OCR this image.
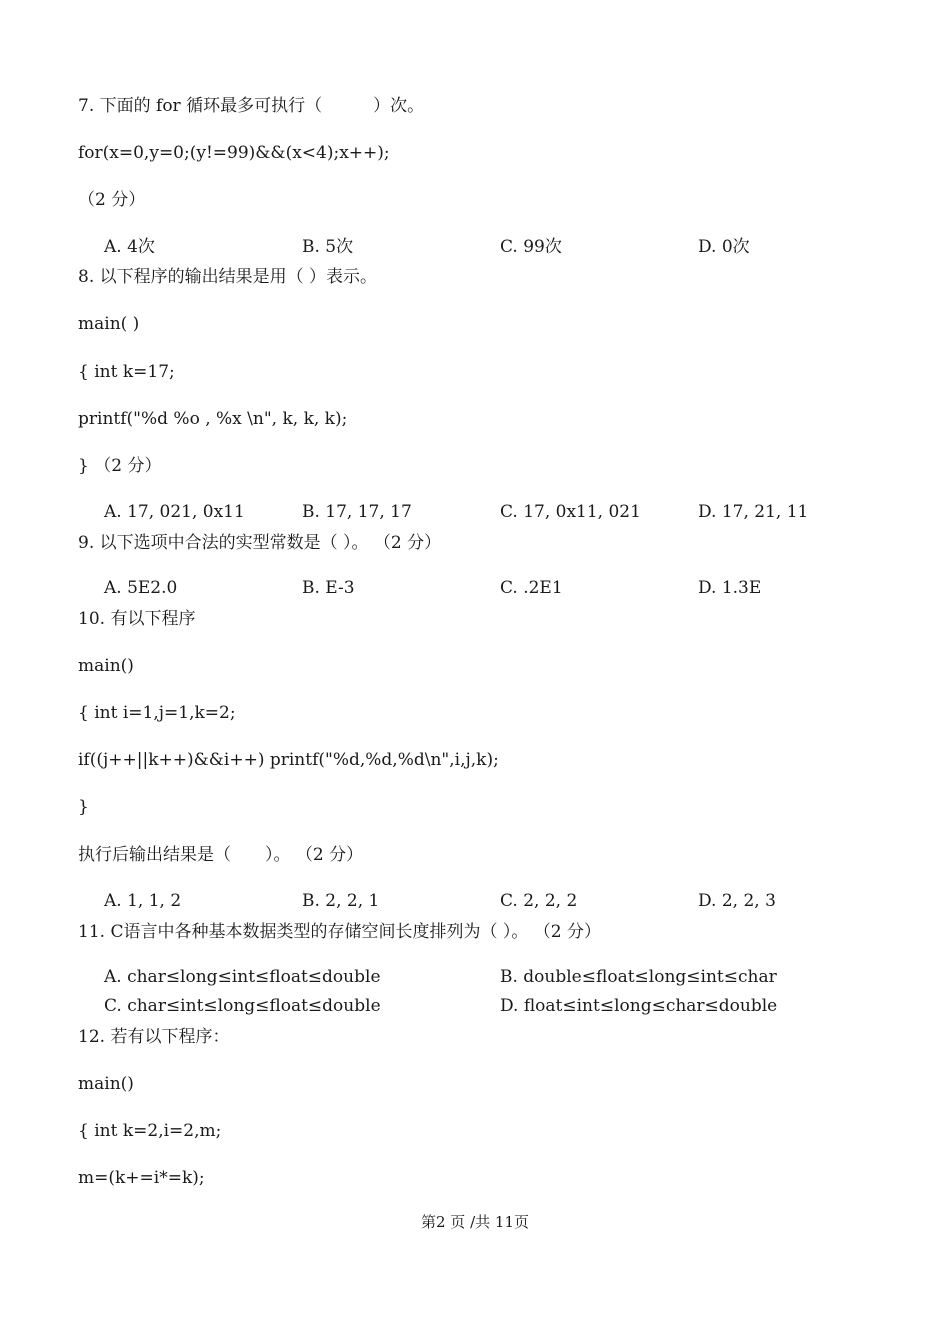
7. 下面的 for 循环最多可执行（　　　）次。
for(x=0,y=0;(y!=99)&&(x<4);x++);
（2 分）
A. 4次	B. 5次	C. 99次	D. 0次
8. 以下程序的输出结果是用（ ）表示。
main( )
{ int k=17;
printf("%d %o , %x \n", k, k, k);
} （2 分）
A. 17, 021, 0x11	B. 17, 17, 17	C. 17, 0x11, 021	D. 17, 21, 11
9. 以下选项中合法的实型常数是（ ）。 （2 分）
A. 5E2.0	B. E-3	C. .2E1	D. 1.3E
10. 有以下程序
main()
{ int i=1,j=1,k=2;
if((j++||k++)&&i++) printf("%d,%d,%d\n",i,j,k);
}
执行后输出结果是（　　）。 （2 分）
A. 1, 1, 2	B. 2, 2, 1	C. 2, 2, 2	D. 2, 2, 3
11. C语言中各种基本数据类型的存储空间长度排列为（ ）。 （2 分）
A. char≤long≤int≤float≤double	B. double≤float≤long≤int≤char
C. char≤int≤long≤float≤double	D. float≤int≤long≤char≤double
12. 若有以下程序：
main()
{ int k=2,i=2,m;
m=(k+=i*=k);
第2 页 /共 11页
